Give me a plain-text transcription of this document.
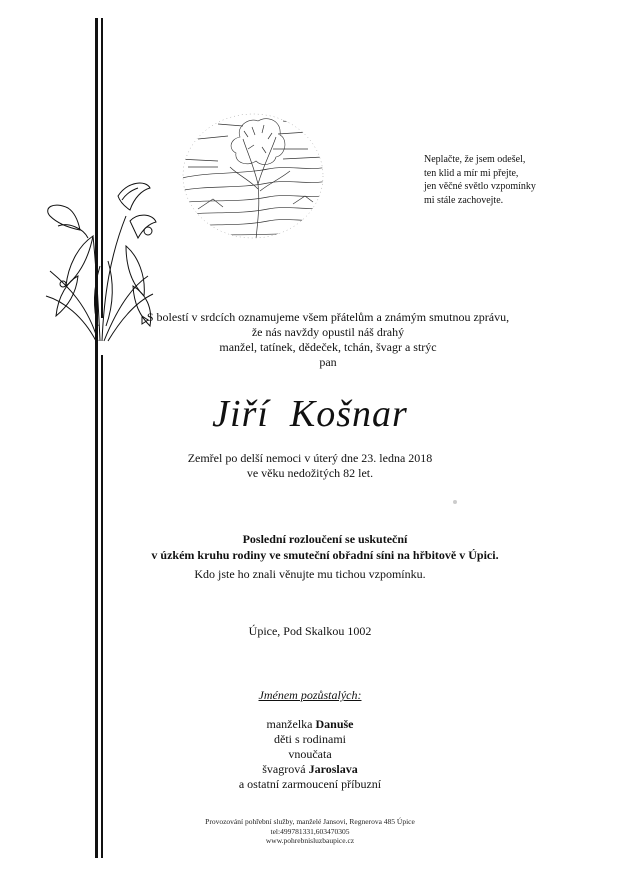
Neplačte, že jsem odešel,
ten klid a mír mi přejte,
jen věčné světlo vzpomínky
mi stále zachovejte.
S bolestí v srdcích oznamujeme všem přátelům a známým smutnou zprávu,
že nás navždy opustil náš drahý
manžel, tatínek, dědeček, tchán, švagr a strýc
pan
Jiří  Košnar
Zemřel po delší nemoci v úterý dne 23. ledna 2018
ve věku nedožitých 82 let.
Poslední rozloučení se uskuteční
v úzkém kruhu rodiny ve smuteční obřadní síni na hřbitově v Úpici.
Kdo jste ho znali věnujte mu tichou vzpomínku.
Úpice, Pod Skalkou 1002
Jménem pozůstalých:
manželka Danuše
děti s rodinami
vnoučata
švagrová Jaroslava
a ostatní zarmoucení příbuzní
Provozování pohřební služby, manželé Jansovi, Regnerova 485 Úpice
tel:499781331,603470305
www.pohrebnisluzbaupice.cz
